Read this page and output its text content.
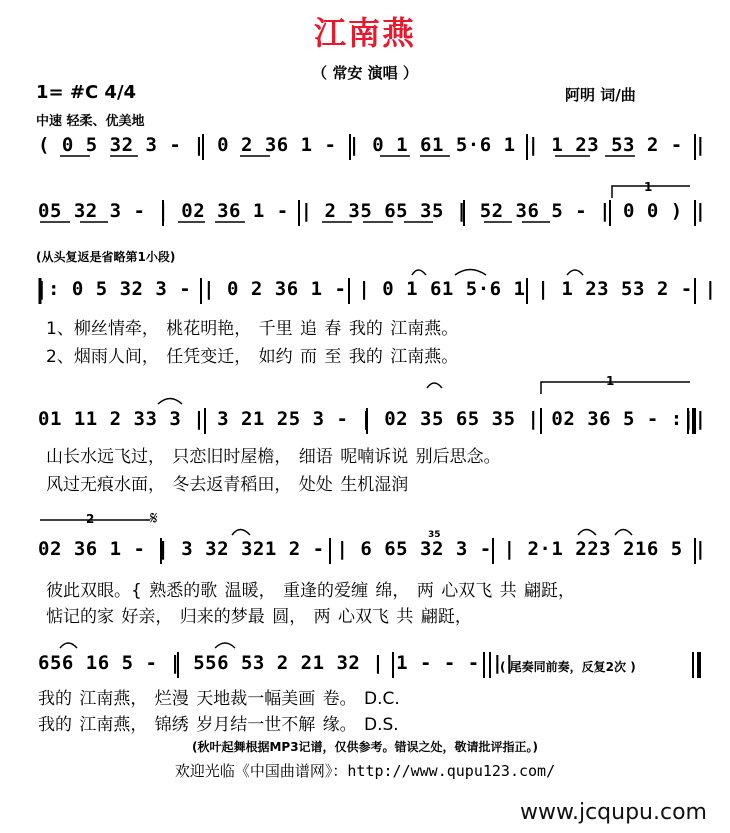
江南燕
（ 常安 演唱 ）
1= #C 4/4	阿明 词/曲
中速 轻柔、优美地
( 0 5 32 3 - | 0 2 36 1 - | 0 1 61 5·6 1 | 1 23 53 2 - |
1
05 32 3 - | 02 36 1 - | 2 35 65 35 | 52 36 5 - | 0 0 ) |
(从头复返是省略第1小段)
|: 0 5 32 3 - | 0 2 36 1 - | 0 1 61 5·6 1 | 1 23 53 2 - |
1、柳丝情牵， 桃花明艳， 千里 追 春 我的 江南燕。
2、烟雨人间， 任凭变迁， 如约 而 至 我的 江南燕。
1
01 11 2 33 3 | 3 21 25 3 - | 02 35 65 35 | 02 36 5 - :||
山长水远飞过， 只恋旧时屋檐， 细语 呢喃诉说 别后思念。
风过无痕水面， 冬去返青稻田， 处处 生机湿润
2	𝄋
35
02 36 1 - | 3 32 321 2 - | 6 65 32 3 - | 2·1 223 216 5 |
彼此双眼。{ 熟悉的歌 温暖， 重逢的爱缠 绵， 两 心双飞 共 翩跹，
惦记的家 好亲， 归来的梦最 圆， 两 心双飞 共 翩跹，
656 16 5 - | 556 53 2 21 32 | 1 - - - ||
( 尾奏同前奏，反复2次 )
我的 江南燕， 烂漫 天地裁一幅美画 卷。 D.C.
我的 江南燕， 锦绣 岁月结一世不解 缘。 D.S.
(秋叶起舞根据MP3记谱，仅供参考。错误之处，敬请批评指正。)
欢迎光临《中国曲谱网》：http://www.qupu123.com/
www.jcqupu.com
